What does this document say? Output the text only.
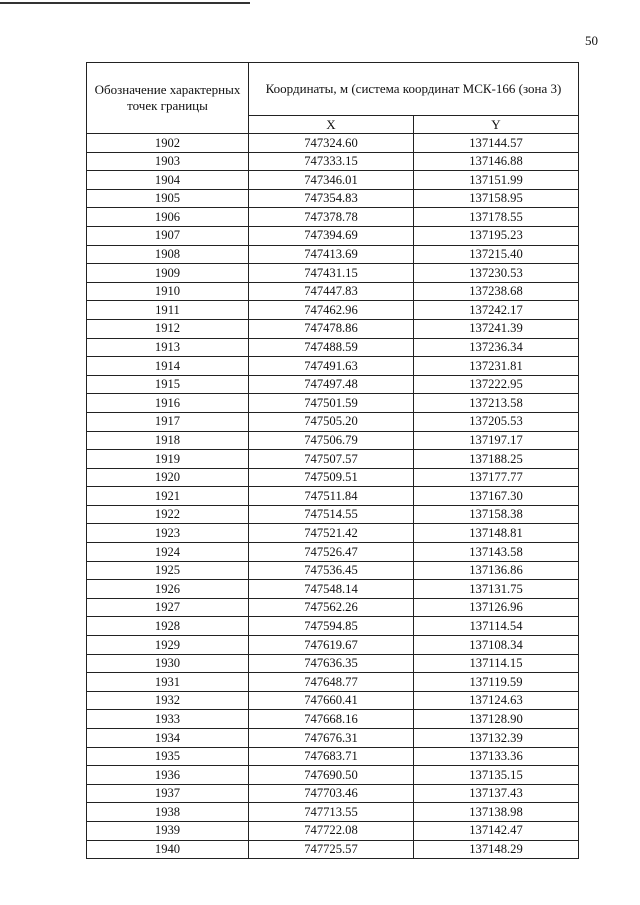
50
Обозначение характерных точек границы	Координаты, м (система координат МСК-166 (зона 3)	
	X	Y
1902	747324.60	137144.57
1903	747333.15	137146.88
1904	747346.01	137151.99
1905	747354.83	137158.95
1906	747378.78	137178.55
1907	747394.69	137195.23
1908	747413.69	137215.40
1909	747431.15	137230.53
1910	747447.83	137238.68
1911	747462.96	137242.17
1912	747478.86	137241.39
1913	747488.59	137236.34
1914	747491.63	137231.81
1915	747497.48	137222.95
1916	747501.59	137213.58
1917	747505.20	137205.53
1918	747506.79	137197.17
1919	747507.57	137188.25
1920	747509.51	137177.77
1921	747511.84	137167.30
1922	747514.55	137158.38
1923	747521.42	137148.81
1924	747526.47	137143.58
1925	747536.45	137136.86
1926	747548.14	137131.75
1927	747562.26	137126.96
1928	747594.85	137114.54
1929	747619.67	137108.34
1930	747636.35	137114.15
1931	747648.77	137119.59
1932	747660.41	137124.63
1933	747668.16	137128.90
1934	747676.31	137132.39
1935	747683.71	137133.36
1936	747690.50	137135.15
1937	747703.46	137137.43
1938	747713.55	137138.98
1939	747722.08	137142.47
1940	747725.57	137148.29
